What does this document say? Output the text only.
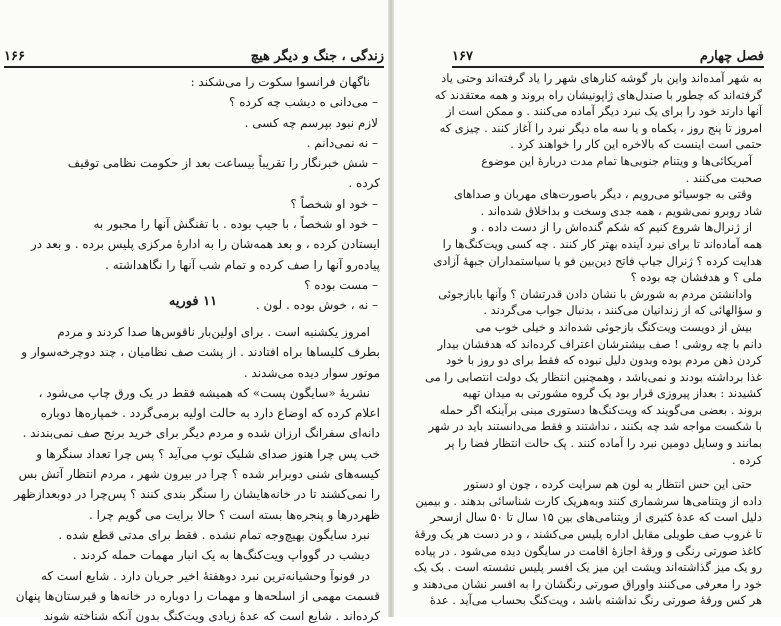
زندگی ، جنگ و دیگر هیچ
۱۶۶
ناگهان فرانسوا سکوت را می‌شکند :
– می‌دانی ه دیشب چه کرده ؟
لازم نبود بپرسم چه کسی .
– نه نمی‌دانم .
– شش خبرنگار را تقریباً بیساعت بعد از حکومت نظامی توقیف
کرده .
– خود او شخصاً ؟
– خود او شخصاً ، با جیپ بوده . با تفنگش آنها را مجبور به
ایستادن کرده ، و بعد همه‌شان را به ادارهٔ مرکزی پلیس برده . و بعد در
پیاده‌رو آنها را صف کرده و تمام شب آنها را نگاهداشته .
– مست بوده ؟
– نه ، خوش بوده . لون .
۱۱ فوریه
امروز یکشنبه است . برای اولین‌بار ناقوس‌ها صدا کردند و مردم
بطرف کلیساها براه افتادند . از پشت صف نظامیان ، چند دوچرخه‌سوار و
موتور سوار دیده می‌شدند .
نشریهٔ «سایگون پست» که همیشه فقط در یک ورق چاپ می‌شود ،
اعلام کرده که اوضاع دارد به حالت اولیه برمی‌گردد . خمپاره‌ها دوباره
دانه‌ای سفرانگ ارزان شده و مردم دیگر برای خرید برنج صف نمی‌بندند .
خب پس چرا هنوز صدای شلیک توپ می‌آید ؟ پس چرا تعداد سنگرها و
کیسه‌های شنی دوبرابر شده ؟ چرا در بیرون شهر ، مردم انتظار آتش بس
را نمی‌کشند تا در خانه‌هایشان را سنگر بندی کنند ؟ پس‌چرا در دوبعدازظهر
ظهردرها و پنجره‌ها بسته است ؟ حالا برایت می گویم چرا .
نبرد سایگون بهیچ‌وجه تمام نشده . فقط برای مدتی قطع شده .
دیشب در گوواپ ویت‌کنگ‌ها به یک انبار مهمات حمله کردند .
در فونوآ وحشیانه‌ترین نبرد دوهفتهٔ اخیر جریان دارد . شایع است که
قسمت مهمی از اسلحه‌ها و مهمات را دوباره در خانه‌ها و قبرستان‌ها پنهان
کرده‌اند . شایع است که عدهٔ زیادی ویت‌کنگ بدون آنکه شناخته شوند
فصل چهارم
۱۶۷
به شهر آمده‌اند واین بار گوشه کنارهای شهر را یاد گرفته‌اند وحتی یاد
گرفته‌اند که چطور با صندل‌های ژاپونیشان راه بروند و همه معتقدند که
آنها دارند خود را برای یک نبرد دیگر آماده می‌کنند . و ممکن است از
امروز تا پنج روز ، یکماه و یا سه ماه دیگر نبرد را آغاز کنند . چیزی که
حتمی است اینست که بالاخره این کار را خواهند کرد .
آمریکائی‌ها و ویتنام جنوبی‌ها تمام مدت دربارهٔ این موضوع
صحبت می‌کنند .
وقتی به جوسیائو می‌رویم ، دیگر باصورت‌های مهربان و صداهای
شاد روبرو نمی‌شویم ، همه جدی وسخت و بداخلاق شده‌اند .
از ژنرال‌ها شروع کنیم که شکم گنده‌اش را از دست داده . و
همه آماده‌اند تا برای نبرد آینده بهتر کار کنند . چه کسی ویت‌کنگ‌ها را
هدایت کرده ؟ ژنرال جیاپ فاتح دین‌بین فو یا سیاستمداران جبههٔ آزادی
ملی ؟ و هدفشان چه بوده ؟
وادانشتن مردم به شورش با نشان دادن قدرتشان ؟ وآنها بابازجوئی
و سؤالهائی که از زندانیان می‌کنند ، بدنبال جواب می‌گردند .
بیش از دویست ویت‌کنگ بازجوئی شده‌اند و خیلی خوب می‌
دانم با چه روشی ! صف بیشترشان اعتراف کرده‌اند که هدفشان بیدار
کردن ذهن مردم بوده وبدون دلیل نبوده که فقط برای دو روز با خود
غذا برداشته بودند و نمی‌باشد ، وهمچنین انتظار یک دولت انتصابی را می‌
کشیدند : بعداز پیروزی قرار بود یک گروه مشورتی به میدان تهیه
بروند . بعضی می‌گویند که ویت‌کنگ‌ها دستوری مبنی برآینکه اگر حمله
با شکست مواجه شد چه بکنند ، نداشتند و فقط می‌دانستند باید در شهر
بمانند و وسایل دومین نبرد را آماده کنند . پک حالت انتظار فضا را پر
کرده .
حتی این حس انتظار به لون هم سرایت کرده ، چون او دستور
داده از ویتنامی‌ها سرشماری کنند وبه‌هریک کارت شناسائی بدهند . و بیمین
دلیل است که عدهٔ کثیری از ویتنامی‌های بین ۱۵ سال تا ۵۰ سال ازسحر
تا غروب صف طویلی مقابل اداره پلیس می‌کشند ، و در دست هر یک ورقهٔ
کاغذ صورتی رنگی و ورقهٔ اجازهٔ اقامت در سایگون دیده می‌شود . در پیاده
رو یک میز گذاشته‌اند ویشت این میز یک افسر پلیس نشسته است . بک یک
خود را معرفی می‌کنند واوراق صورتی رنگشان را به افسر نشان می‌دهند و
هر کس ورقهٔ صورتی رنگ نداشته باشد ، ویت‌کنگ بحساب می‌آید . عدهٔ
